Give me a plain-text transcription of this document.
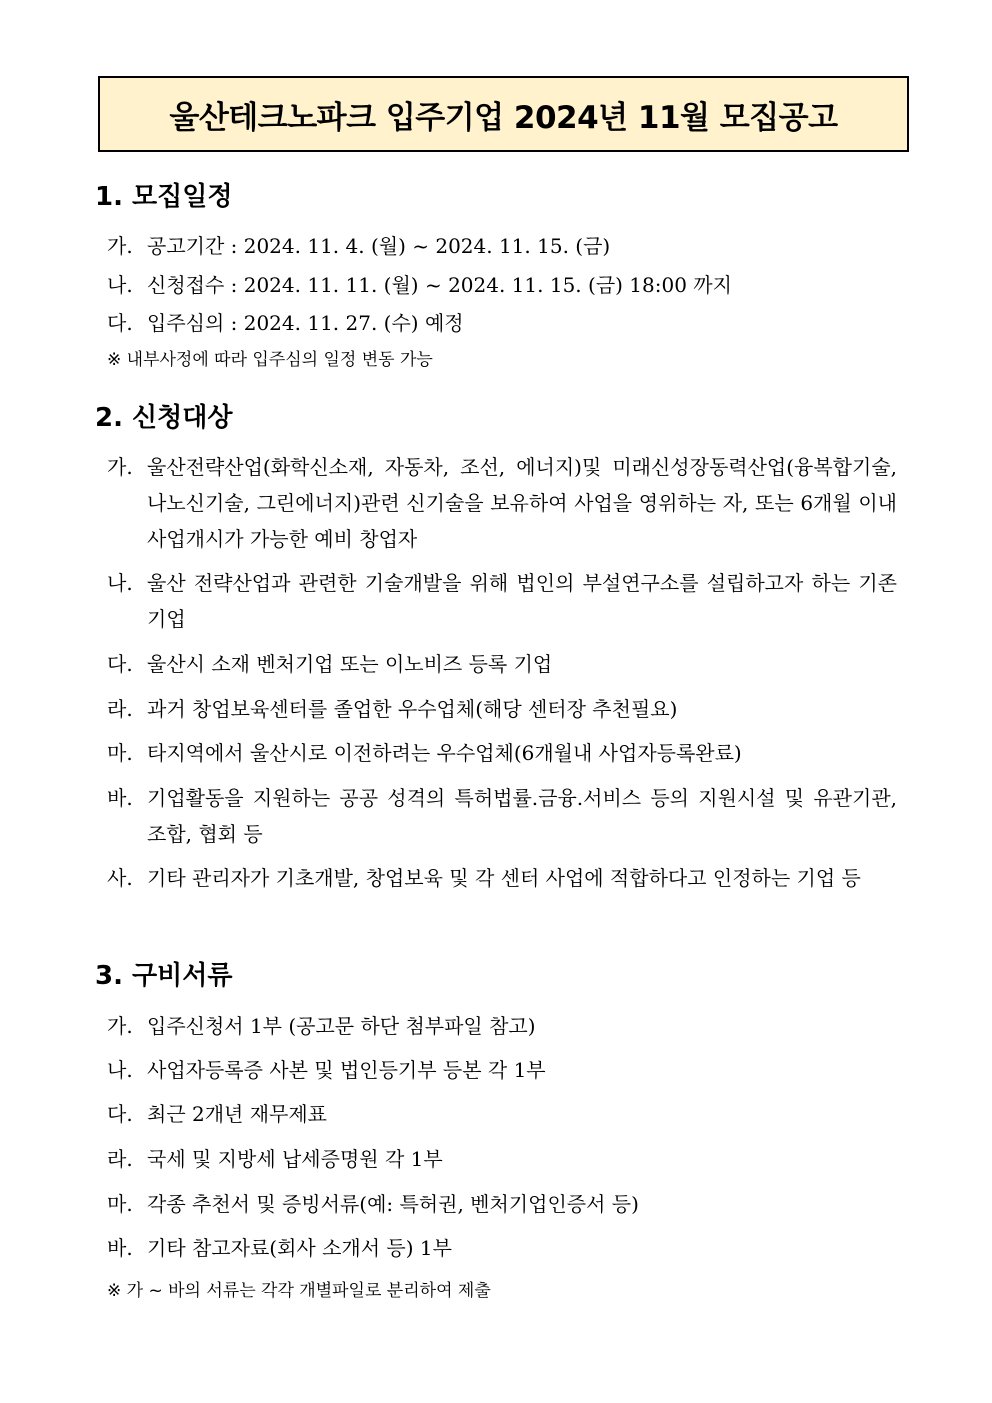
울산테크노파크 입주기업 2024년 11월 모집공고
1. 모집일정
가. 공고기간 : 2024. 11. 4. (월) ~ 2024. 11. 15. (금)
나. 신청접수 : 2024. 11. 11. (월) ~ 2024. 11. 15. (금) 18:00 까지
다. 입주심의 : 2024. 11. 27. (수) 예정
※ 내부사정에 따라 입주심의 일정 변동 가능
2. 신청대상
가. 울산전략산업(화학신소재, 자동차, 조선, 에너지)및 미래신성장동력산업(융복합기술, 나노신기술, 그린에너지)관련 신기술을 보유하여 사업을 영위하는 자, 또는 6개월 이내 사업개시가 가능한 예비 창업자
나. 울산 전략산업과 관련한 기술개발을 위해 법인의 부설연구소를 설립하고자 하는 기존 기업
다. 울산시 소재 벤처기업 또는 이노비즈 등록 기업
라. 과거 창업보육센터를 졸업한 우수업체(해당 센터장 추천필요)
마. 타지역에서 울산시로 이전하려는 우수업체(6개월내 사업자등록완료)
바. 기업활동을 지원하는 공공 성격의 특허법률.금융.서비스 등의 지원시설 및 유관기관, 조합, 협회 등
사. 기타 관리자가 기초개발, 창업보육 및 각 센터 사업에 적합하다고 인정하는 기업 등
3. 구비서류
가. 입주신청서 1부 (공고문 하단 첨부파일 참고)
나. 사업자등록증 사본 및 법인등기부 등본 각 1부
다. 최근 2개년 재무제표
라. 국세 및 지방세 납세증명원 각 1부
마. 각종 추천서 및 증빙서류(예: 특허권, 벤처기업인증서 등)
바. 기타 참고자료(회사 소개서 등) 1부
※ 가 ~ 바의 서류는 각각 개별파일로 분리하여 제출
